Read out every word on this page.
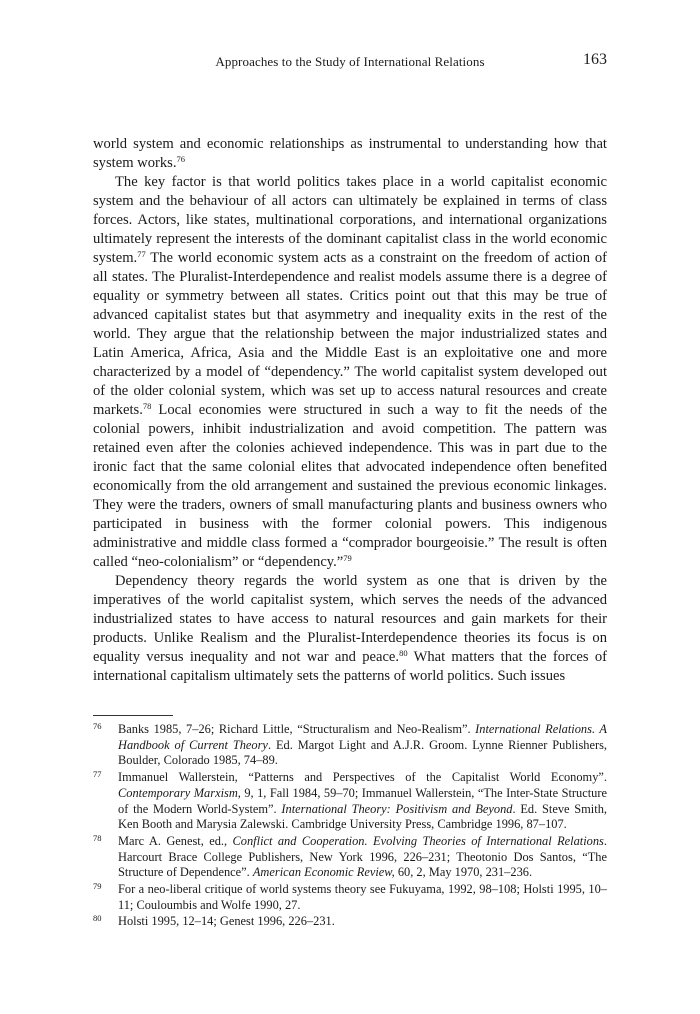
Approaches to the Study of International Relations	163

world system and economic relationships as instrumental to understanding how that system works.$^{76}$

The key factor is that world politics takes place in a world capitalist economic system and the behaviour of all actors can ultimately be explained in terms of class forces. Actors, like states, multinational corporations, and international organizations ultimately represent the interests of the dominant capitalist class in the world economic system.$^{77}$ The world economic system acts as a constraint on the freedom of action of all states. The Pluralist-Interdependence and realist models assume there is a degree of equality or symmetry between all states. Critics point out that this may be true of advanced capitalist states but that asymmetry and inequality exits in the rest of the world. They argue that the relationship between the major industrialized states and Latin America, Africa, Asia and the Middle East is an exploitative one and more characterized by a model of “dependency.” The world capitalist system developed out of the older colonial system, which was set up to access natural resources and create markets.$^{78}$ Local economies were structured in such a way to fit the needs of the colonial powers, inhibit industrialization and avoid competition. The pattern was retained even after the colonies achieved independence. This was in part due to the ironic fact that the same colonial elites that advocated independence often benefited economically from the old arrangement and sustained the previous economic linkages. They were the traders, owners of small manufacturing plants and business owners who participated in business with the former colonial powers. This indigenous administrative and middle class formed a “comprador bourgeoisie.” The result is often called “neo-colonialism” or “dependency.”$^{79}$

Dependency theory regards the world system as one that is driven by the imperatives of the world capitalist system, which serves the needs of the advanced industrialized states to have access to natural resources and gain markets for their products. Unlike Realism and the Pluralist-Interdependence theories its focus is on equality versus inequality and not war and peace.$^{80}$ What matters that the forces of international capitalism ultimately sets the patterns of world politics. Such issues

76 Banks 1985, 7–26; Richard Little, “Structuralism and Neo-Realism”. International Relations. A Handbook of Current Theory. Ed. Margot Light and A.J.R. Groom. Lynne Rienner Publishers, Boulder, Colorado 1985, 74–89.
77 Immanuel Wallerstein, “Patterns and Perspectives of the Capitalist World Economy”. Contemporary Marxism, 9, 1, Fall 1984, 59–70; Immanuel Wallerstein, “The Inter-State Structure of the Modern World-System”. International Theory: Positivism and Beyond. Ed. Steve Smith, Ken Booth and Marysia Zalewski. Cambridge University Press, Cambridge 1996, 87–107.
78 Marc A. Genest, ed., Conflict and Cooperation. Evolving Theories of International Relations. Harcourt Brace College Publishers, New York 1996, 226–231; Theotonio Dos Santos, “The Structure of Dependence”. American Economic Review, 60, 2, May 1970, 231–236.
79 For a neo-liberal critique of world systems theory see Fukuyama, 1992, 98–108; Holsti 1995, 10–11; Couloumbis and Wolfe 1990, 27.
80 Holsti 1995, 12–14; Genest 1996, 226–231.
